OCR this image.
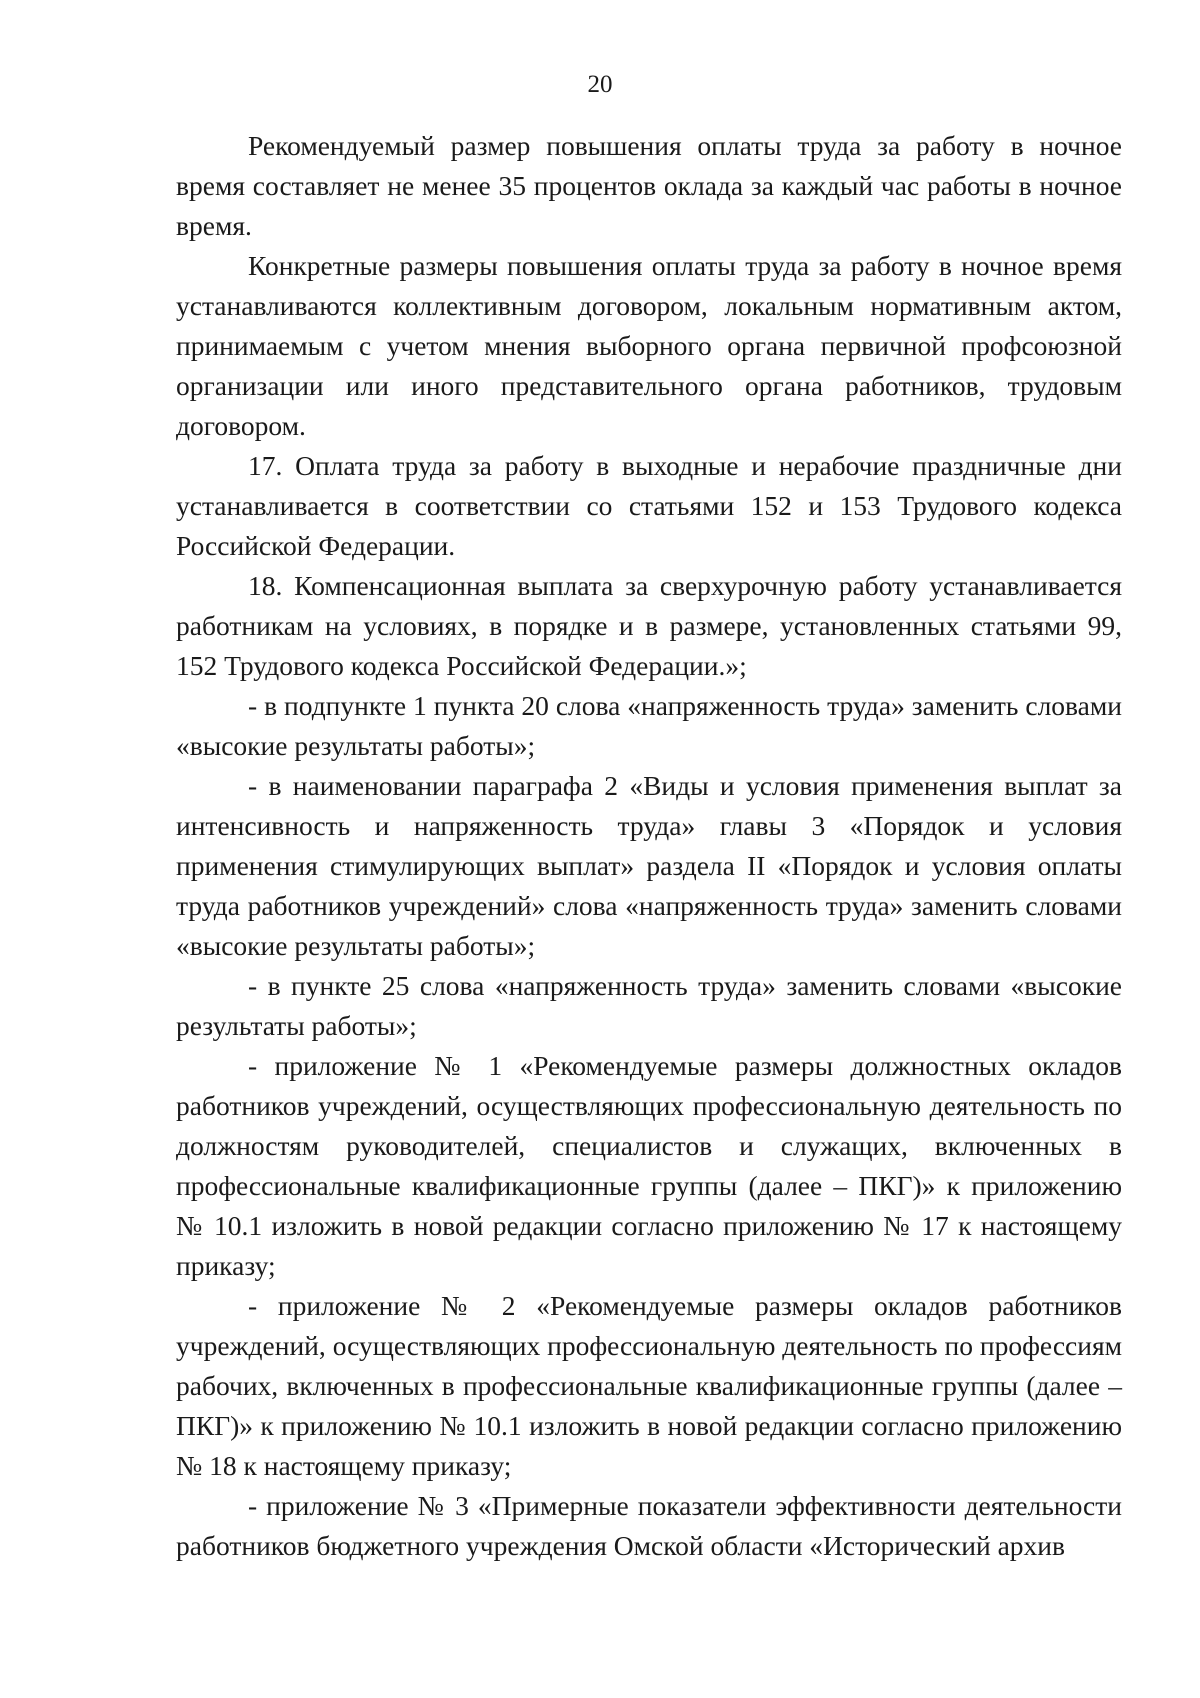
20

Рекомендуемый размер повышения оплаты труда за работу в ночное время составляет не менее 35 процентов оклада за каждый час работы в ночное время.

Конкретные размеры повышения оплаты труда за работу в ночное время устанавливаются коллективным договором, локальным нормативным актом, принимаемым с учетом мнения выборного органа первичной профсоюзной организации или иного представительного органа работников, трудовым договором.

17. Оплата труда за работу в выходные и нерабочие праздничные дни устанавливается в соответствии со статьями 152 и 153 Трудового кодекса Российской Федерации.

18. Компенсационная выплата за сверхурочную работу устанавливается работникам на условиях, в порядке и в размере, установленных статьями 99, 152 Трудового кодекса Российской Федерации.»;

- в подпункте 1 пункта 20 слова «напряженность труда» заменить словами «высокие результаты работы»;

- в наименовании параграфа 2 «Виды и условия применения выплат за интенсивность и напряженность труда» главы 3 «Порядок и условия применения стимулирующих выплат» раздела II «Порядок и условия оплаты труда работников учреждений» слова «напряженность труда» заменить словами «высокие результаты работы»;

- в пункте 25 слова «напряженность труда» заменить словами «высокие результаты работы»;

- приложение № 1 «Рекомендуемые размеры должностных окладов работников учреждений, осуществляющих профессиональную деятельность по должностям руководителей, специалистов и служащих, включенных в профессиональные квалификационные группы (далее – ПКГ)» к приложению № 10.1 изложить в новой редакции согласно приложению № 17 к настоящему приказу;

- приложение № 2 «Рекомендуемые размеры окладов работников учреждений, осуществляющих профессиональную деятельность по профессиям рабочих, включенных в профессиональные квалификационные группы (далее – ПКГ)» к приложению № 10.1 изложить в новой редакции согласно приложению № 18 к настоящему приказу;

- приложение № 3 «Примерные показатели эффективности деятельности работников бюджетного учреждения Омской области «Исторический архив
